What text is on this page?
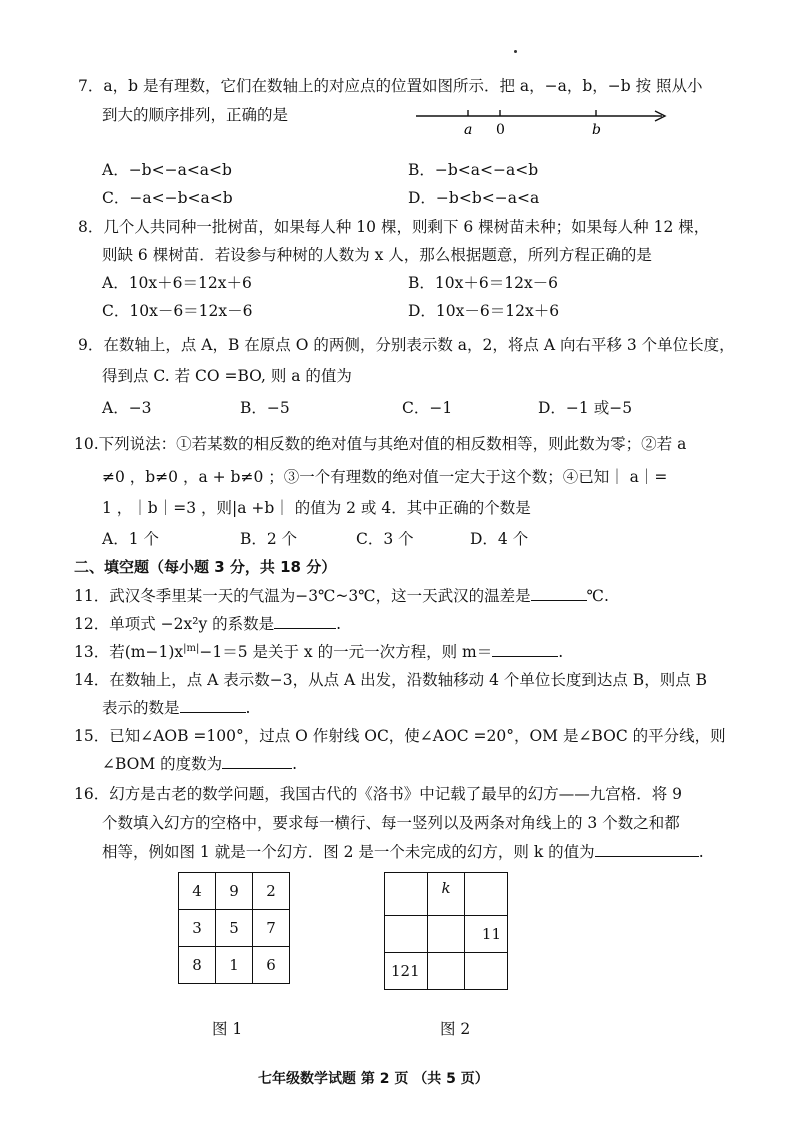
7．a，b 是有理数，它们在数轴上的对应点的位置如图所示．把 a，−a，b，−b 按 照从小
到大的顺序排列，正确的是
a 0	b
A．−b<−a<a<b	B．−b<a<−a<b
C．−a<−b<a<b	D．−b<b<−a<a
8．几个人共同种一批树苗，如果每人种 10 棵，则剩下 6 棵树苗未种；如果每人种 12 棵，
则缺 6 棵树苗．若设参与种树的人数为 x 人，那么根据题意，所列方程正确的是
A．10x＋6＝12x＋6	B．10x＋6＝12x－6
C．10x－6＝12x－6	D．10x－6＝12x＋6
9．在数轴上，点 A，B 在原点 O 的两侧，分别表示数 a，2，将点 A 向右平移 3 个单位长度，
得到点 C. 若 CO =BO, 则 a 的值为
A．−3	B．−5	C．−1	D．−1 或−5
10.下列说法：①若某数的相反数的绝对值与其绝对值的相反数相等，则此数为零；②若 a
≠0 ，b≠0 ，a + b≠0 ；③一个有理数的绝对值一定大于这个数；④已知｜ a｜=
1 ，｜b｜=3 ，则|a +b｜ 的值为 2 或 4．其中正确的个数是
A．1 个	B．2 个	C．3 个	D．4 个
二、填空题（每小题 3 分，共 18 分）
11．武汉冬季里某一天的气温为−3℃~3℃，这一天武汉的温差是	℃.
12．单项式 −2x²y 的系数是	.
13．若$(m-1)x^{|m|}-1=5$ 是关于 x 的一元一次方程，则 m＝	.
14．在数轴上，点 A 表示数−3，从点 A 出发，沿数轴移动 4 个单位长度到达点 B，则点 B
表示的数是	.
15．已知∠AOB =100°，过点 O 作射线 OC，使∠AOC =20°，OM 是∠BOC 的平分线，则
∠BOM 的度数为	.
16．幻方是古老的数学问题，我国古代的《洛书》中记载了最早的幻方——九宫格．将 9
个数填入幻方的空格中，要求每一横行、每一竖列以及两条对角线上的 3 个数之和都
相等，例如图 1 就是一个幻方．图 2 是一个未完成的幻方，则 k 的值为	.
4	9	2
3	5	7
8	1	6
图 1
	k	
		11
121		
图 2
七年级数学试题 第 2 页 （共 5 页）
